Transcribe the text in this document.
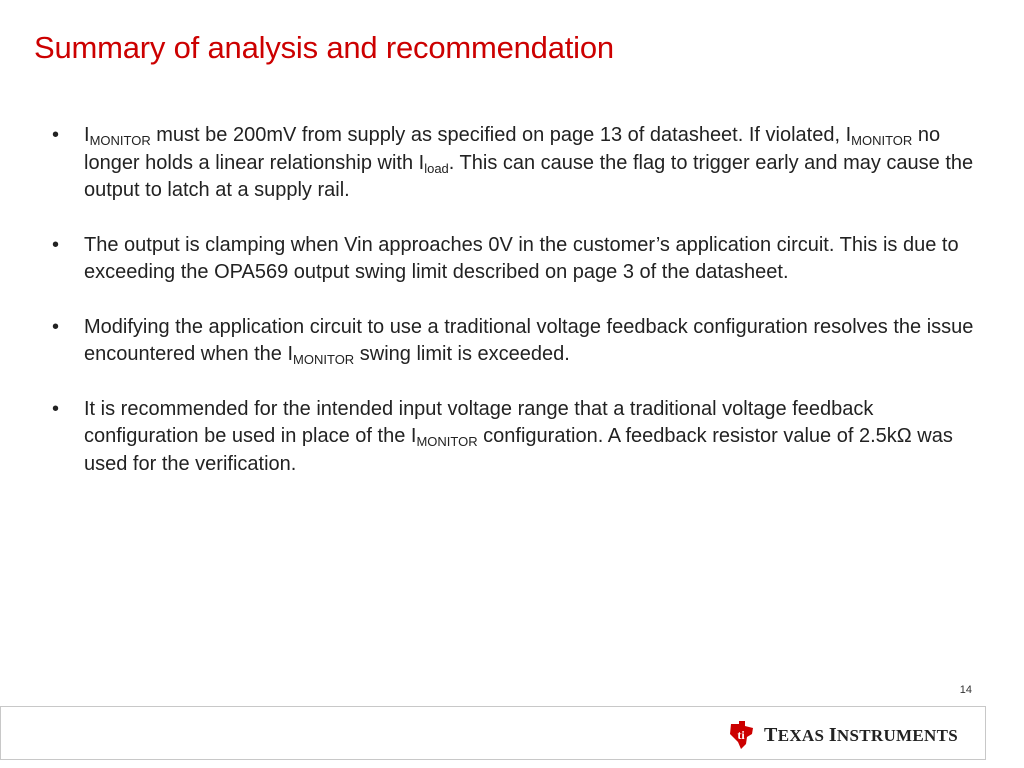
Summary of analysis and recommendation
•	$I_{MONITOR}$ must be 200mV from supply as specified on page 13 of datasheet. If violated, $I_{MONITOR}$ no longer holds a linear relationship with $I_{load}$. This can cause the flag to trigger early and may cause the output to latch at a supply rail.
•	The output is clamping when Vin approaches 0V in the customer’s application circuit. This is due to exceeding the OPA569 output swing limit described on page 3 of the datasheet.
•	Modifying the application circuit to use a traditional voltage feedback configuration resolves the issue encountered when the $I_{MONITOR}$ swing limit is exceeded.
•	It is recommended for the intended input voltage range that a traditional voltage feedback configuration be used in place of the $I_{MONITOR}$ configuration. A feedback resistor value of 2.5kΩ was used for the verification.
14
ti TEXAS INSTRUMENTS
